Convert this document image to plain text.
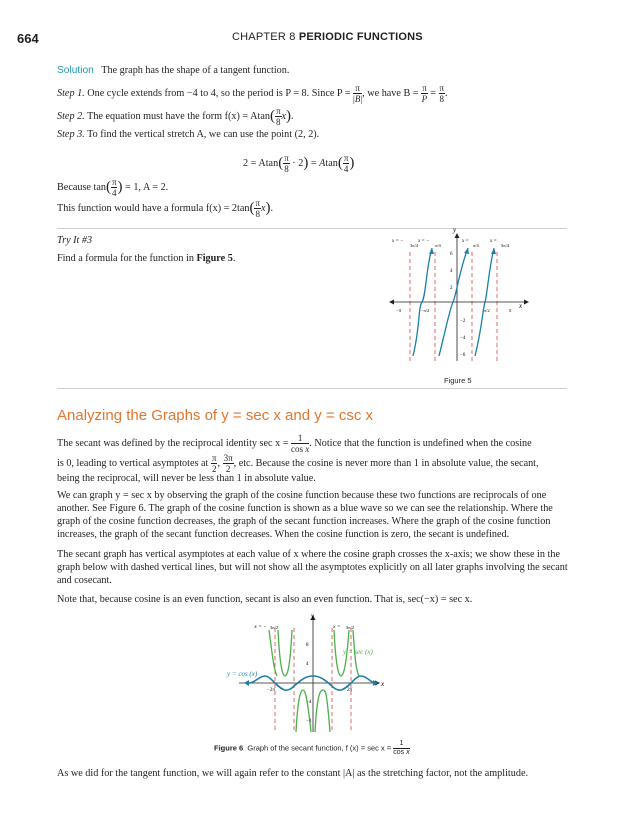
664	CHAPTER 8 PERIODIC FUNCTIONS
Solution The graph has the shape of a tangent function.
Step 1. One cycle extends from −4 to 4, so the period is P = 8. Since $P = \frac{\pi}{|B|}$ , we have $B = \frac{\pi}{P} = \frac{\pi}{8}$ .
Step 2. The equation must have the form $f(x) = Atan( \frac{\pi}{8} x)$.
Step 3. To find the vertical stretch A, we can use the point (2, 2).
$2 = Atan( \frac{\pi}{8} \cdot 2) = Atan( \frac{\pi}{4}$ )
Because $\tan( \frac{\pi}{4}$ ) = 1, A = 2.
This function would have a formula $f(x) = 2\tan( \frac{\pi}{8} x)$.
Try It #3
Find a formula for the function in Figure 5.
x
y
x = −	x = −	x =	x =
3π/4	π/4	π/4	3π/4
6
4
2
−2
−4
−6
−π	−π/2	π/2	π
Figure 5
Analyzing the Graphs of y = sec x and y = csc x
The secant was defined by the reciprocal identity $\sec x = \frac{1}{\text{cos x}}$ . Notice that the function is undefined when the cosine
is 0, leading to vertical asymptotes at $\frac{\pi}{2}$ , $\frac{3\pi}{2}$ , etc. Because the cosine is never more than 1 in absolute value, the secant,
being the reciprocal, will never be less than 1 in absolute value.
We can graph y = sec x by observing the graph of the cosine function because these two functions are reciprocals of one another. See Figure 6. The graph of the cosine function is shown as a blue wave so we can see the relationship. Where the graph of the cosine function decreases, the graph of the secant function increases. Where the graph of the cosine function increases, the graph of the secant function decreases. When the cosine function is zero, the secant is undefined.
The secant graph has vertical asymptotes at each value of x where the cosine graph crosses the x-axis; we show these in the graph below with dashed vertical lines, but will not show all the asymptotes explicitly on all later graphs involving the secant and cosecant.
Note that, because cosine is an even function, secant is also an even function. That is, sec(−x) = sec x.
x
y
x = − 3π/2	x = 3π/2
−2π	2π
8
4
−4
−8
y = cos (x)
y = sec (x)
Figure 6 Graph of the secant function, f $(x) = \sec x = \frac{1}{\text{cos x}}$
As we did for the tangent function, we will again refer to the constant |A| as the stretching factor, not the amplitude.
